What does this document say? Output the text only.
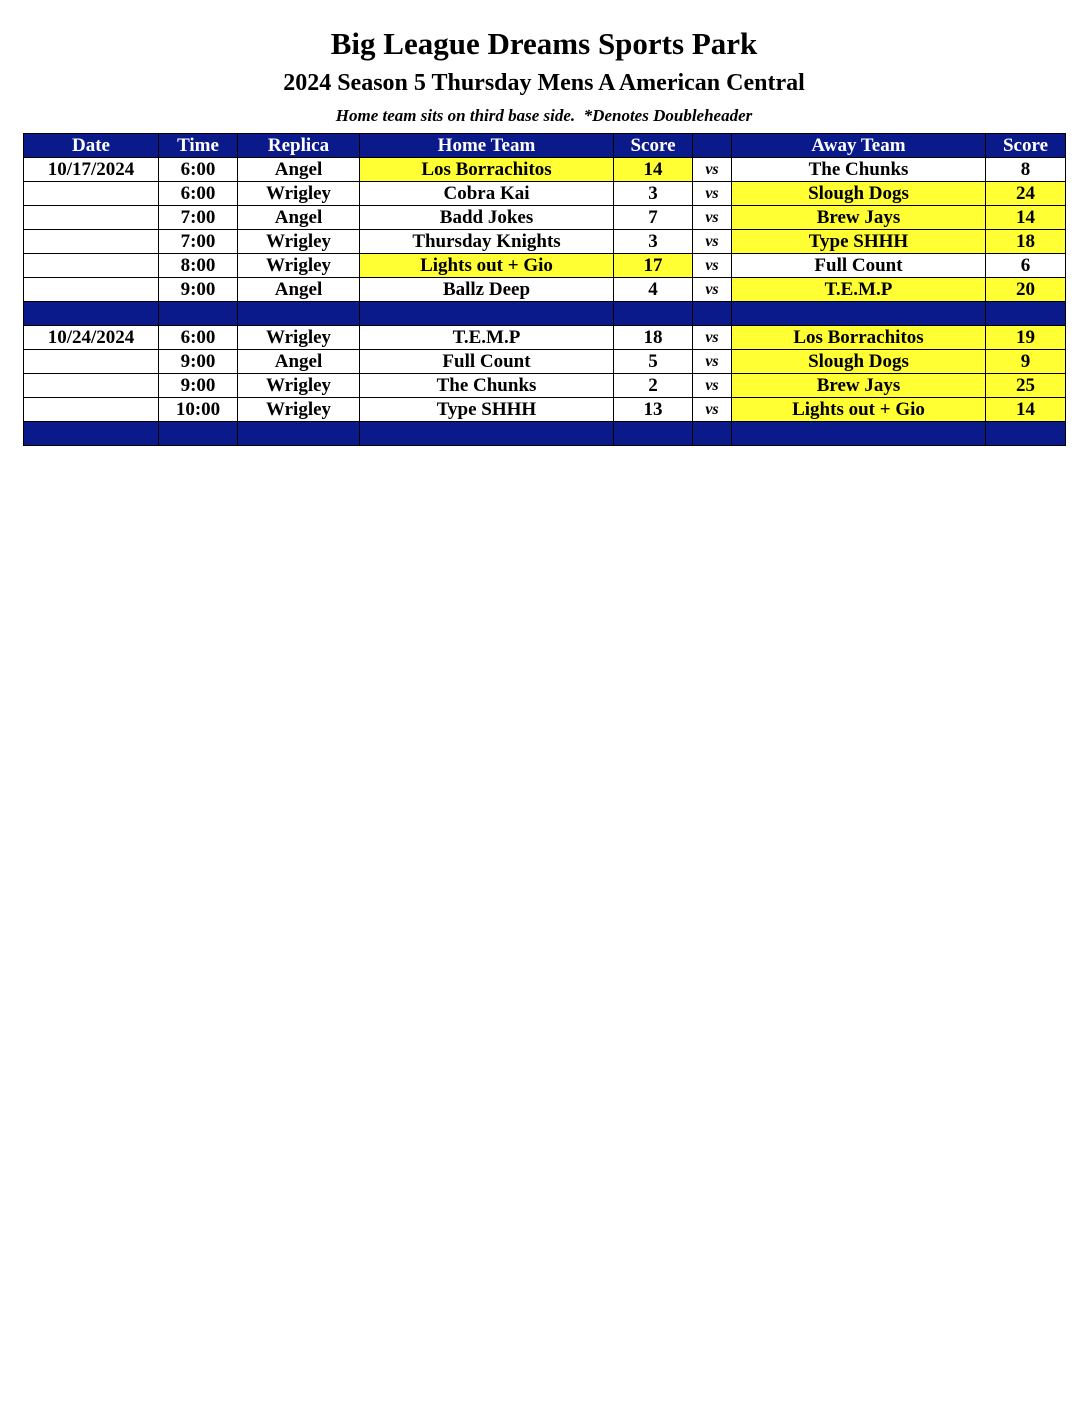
Big League Dreams Sports Park
2024 Season 5 Thursday Mens A American Central
Home team sits on third base side.  *Denotes Doubleheader
Date	Time	Replica	Home Team	Score		Away Team	Score
10/17/2024	6:00	Angel	Los Borrachitos	14	vs	The Chunks	8
	6:00	Wrigley	Cobra Kai	3	vs	Slough Dogs	24
	7:00	Angel	Badd Jokes	7	vs	Brew Jays	14
	7:00	Wrigley	Thursday Knights	3	vs	Type SHHH	18
	8:00	Wrigley	Lights out + Gio	17	vs	Full Count	6
	9:00	Angel	Ballz Deep	4	vs	T.E.M.P	20

10/24/2024	6:00	Wrigley	T.E.M.P	18	vs	Los Borrachitos	19
	9:00	Angel	Full Count	5	vs	Slough Dogs	9
	9:00	Wrigley	The Chunks	2	vs	Brew Jays	25
	10:00	Wrigley	Type SHHH	13	vs	Lights out + Gio	14
